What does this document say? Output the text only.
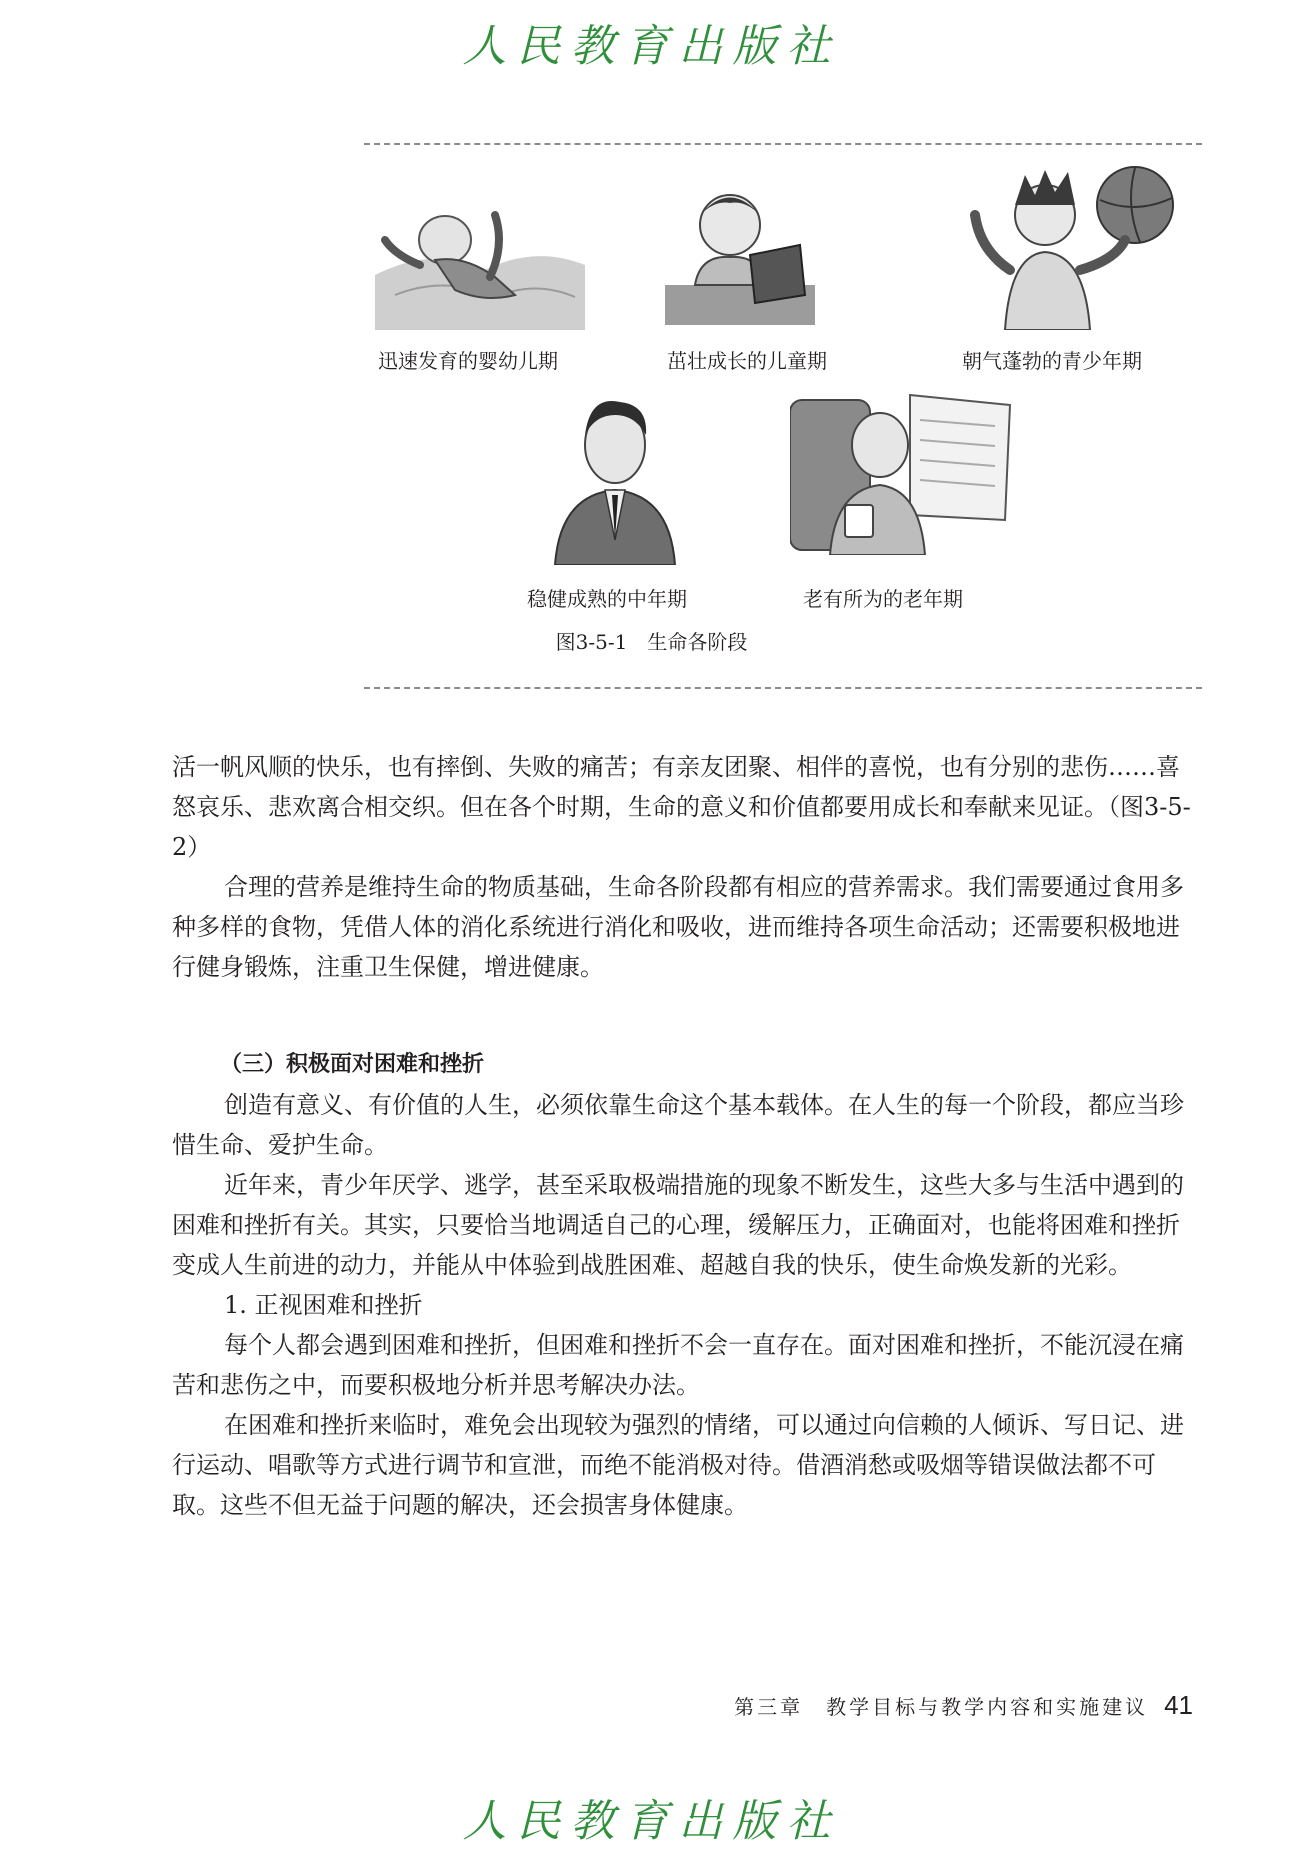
人民教育出版社
迅速发育的婴幼儿期	茁壮成长的儿童期	朝气蓬勃的青少年期
稳健成熟的中年期	老有所为的老年期
图3-5-1　生命各阶段

活一帆风顺的快乐，也有摔倒、失败的痛苦；有亲友团聚、相伴的喜悦，也有分别的悲伤……喜怒哀乐、悲欢离合相交织。但在各个时期，生命的意义和价值都要用成长和奉献来见证。（图3-5-2）

合理的营养是维持生命的物质基础，生命各阶段都有相应的营养需求。我们需要通过食用多种多样的食物，凭借人体的消化系统进行消化和吸收，进而维持各项生命活动；还需要积极地进行健身锻炼，注重卫生保健，增进健康。

（三）积极面对困难和挫折

创造有意义、有价值的人生，必须依靠生命这个基本载体。在人生的每一个阶段，都应当珍惜生命、爱护生命。

近年来，青少年厌学、逃学，甚至采取极端措施的现象不断发生，这些大多与生活中遇到的困难和挫折有关。其实，只要恰当地调适自己的心理，缓解压力，正确面对，也能将困难和挫折变成人生前进的动力，并能从中体验到战胜困难、超越自我的快乐，使生命焕发新的光彩。

1. 正视困难和挫折

每个人都会遇到困难和挫折，但困难和挫折不会一直存在。面对困难和挫折，不能沉浸在痛苦和悲伤之中，而要积极地分析并思考解决办法。

在困难和挫折来临时，难免会出现较为强烈的情绪，可以通过向信赖的人倾诉、写日记、进行运动、唱歌等方式进行调节和宣泄，而绝不能消极对待。借酒消愁或吸烟等错误做法都不可取。这些不但无益于问题的解决，还会损害身体健康。

第三章　教学目标与教学内容和实施建议 41
人民教育出版社
